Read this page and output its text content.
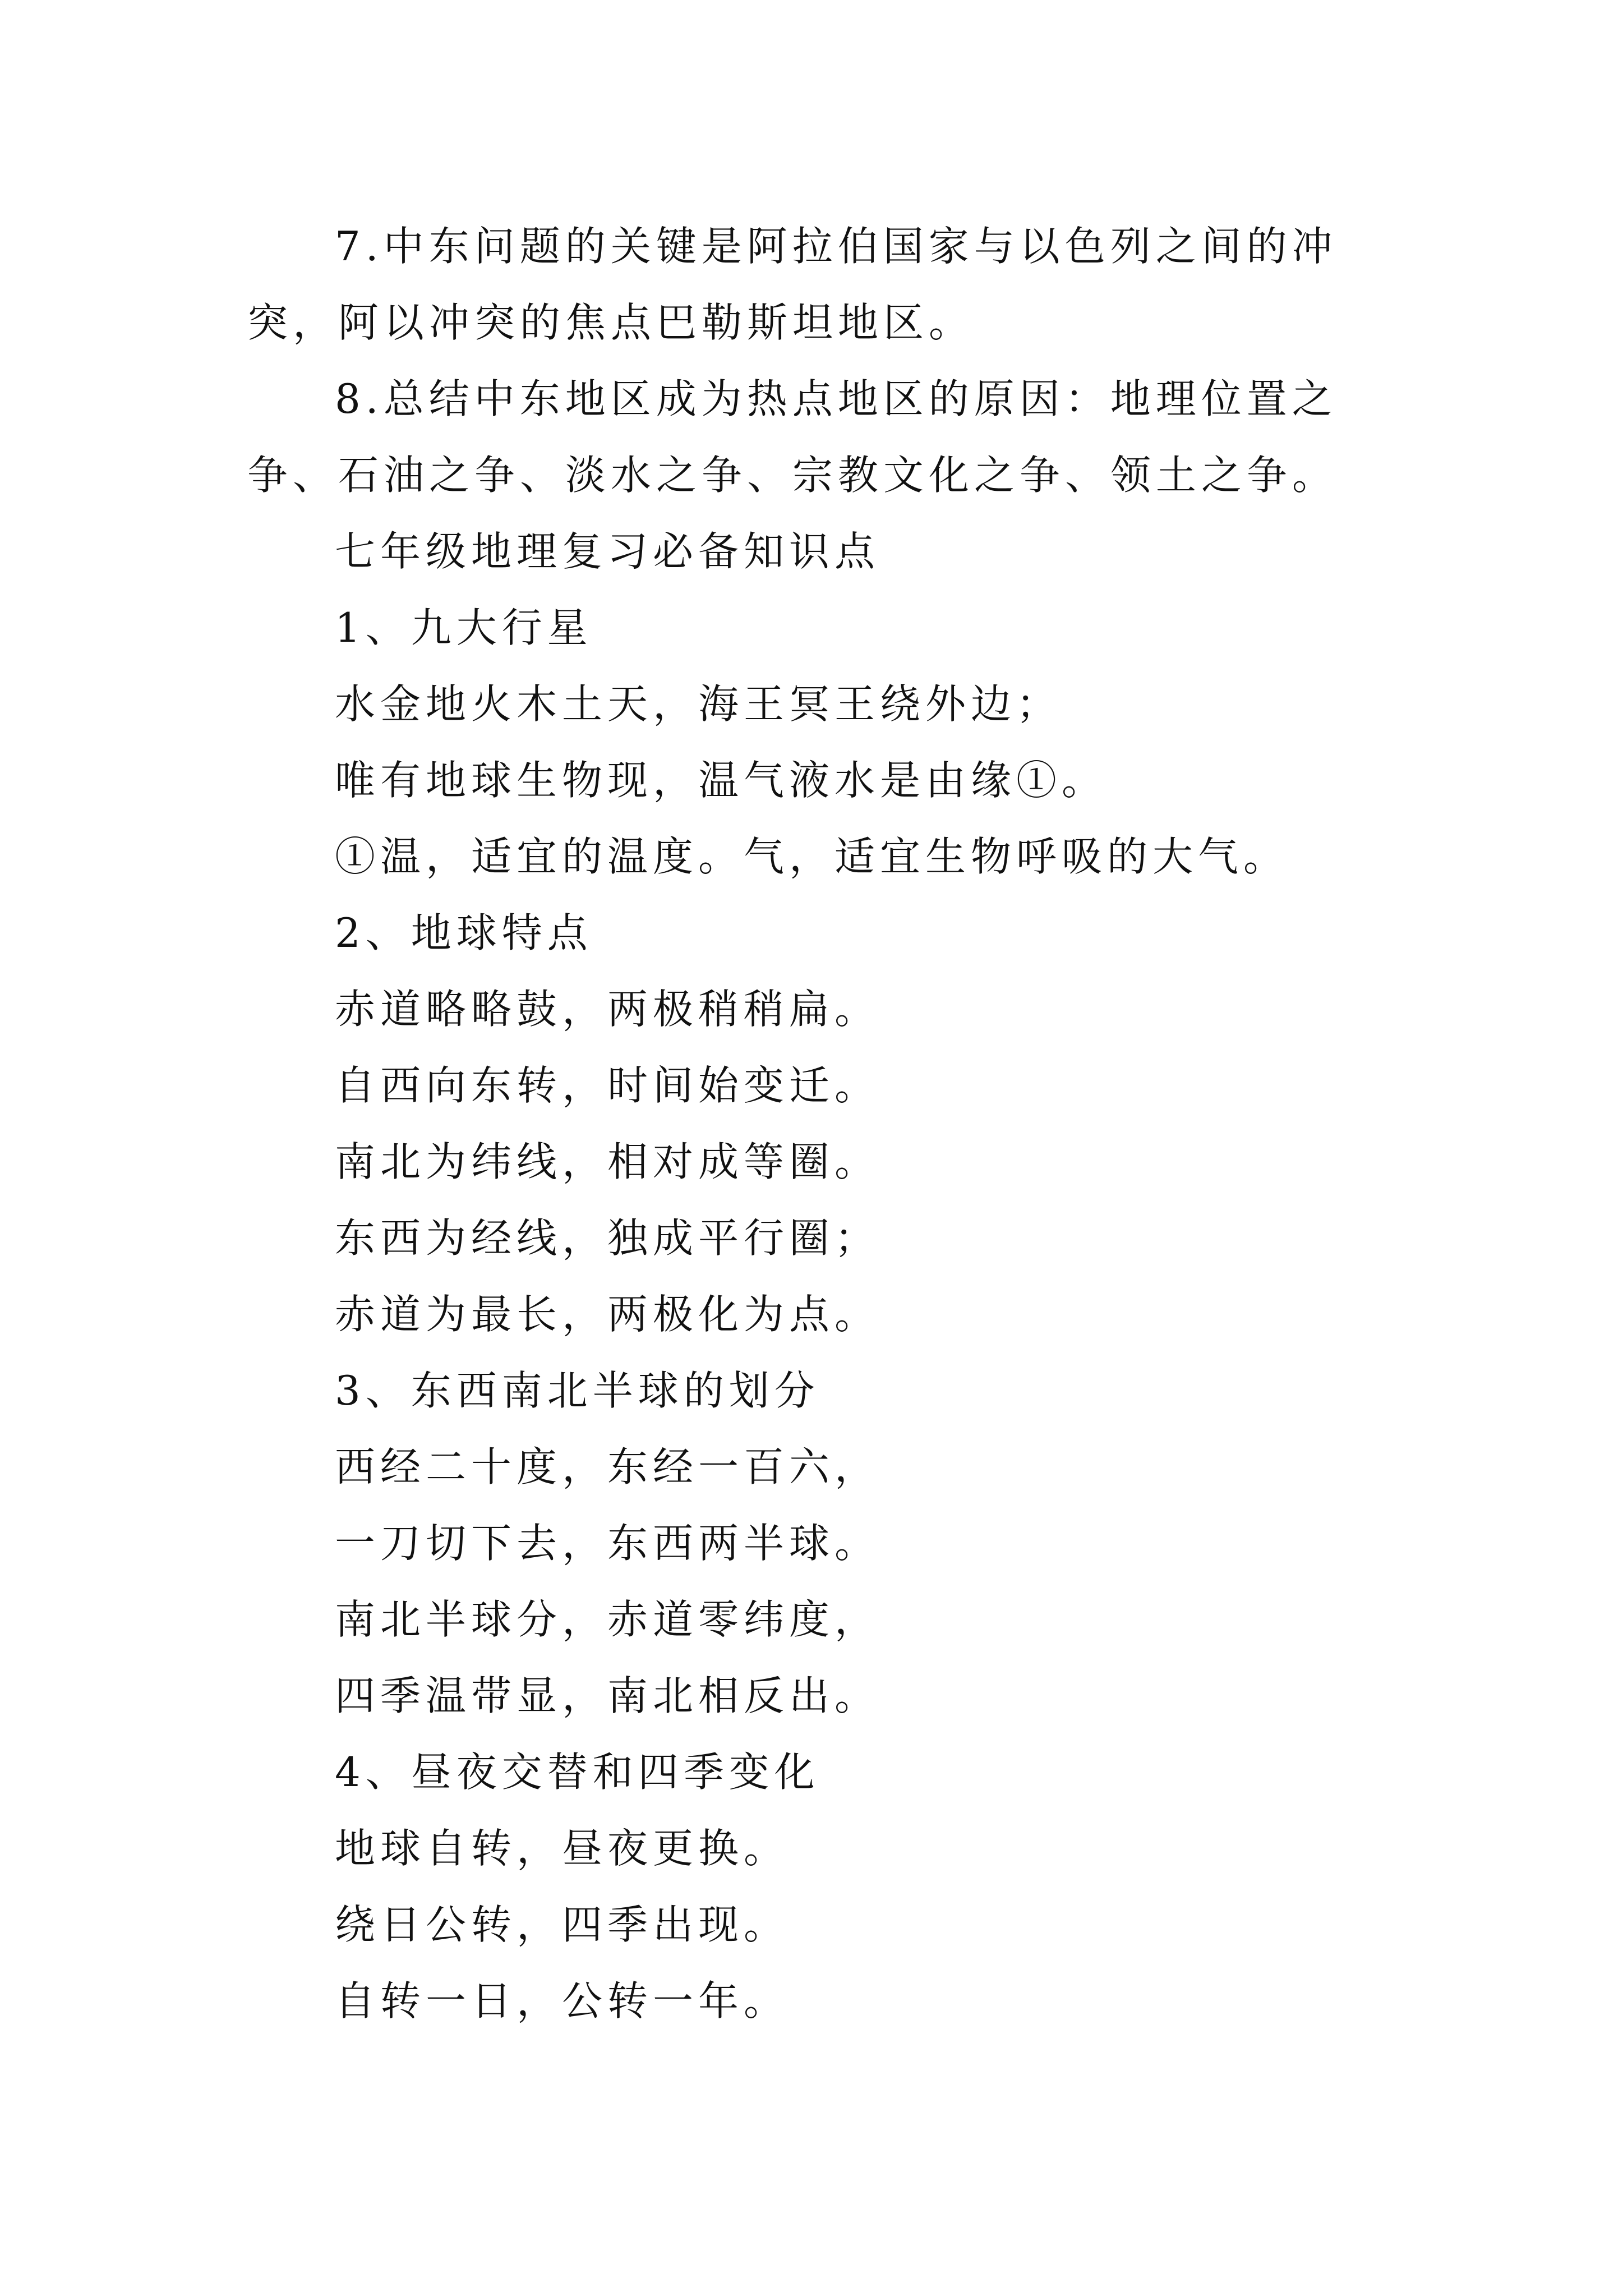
7.中东问题的关键是阿拉伯国家与以色列之间的冲突，阿以冲突的焦点巴勒斯坦地区。

8.总结中东地区成为热点地区的原因：地理位置之争、石油之争、淡水之争、宗教文化之争、领土之争。

七年级地理复习必备知识点
1、九大行星
水金地火木土天，海王冥王绕外边；
唯有地球生物现，温气液水是由缘①。
①温，适宜的温度。气，适宜生物呼吸的大气。
2、地球特点
赤道略略鼓，两极稍稍扁。
自西向东转，时间始变迁。
南北为纬线，相对成等圈。
东西为经线，独成平行圈；
赤道为最长，两极化为点。
3、东西南北半球的划分
西经二十度，东经一百六，
一刀切下去，东西两半球。
南北半球分，赤道零纬度，
四季温带显，南北相反出。
4、昼夜交替和四季变化
地球自转，昼夜更换。
绕日公转，四季出现。
自转一日，公转一年。
